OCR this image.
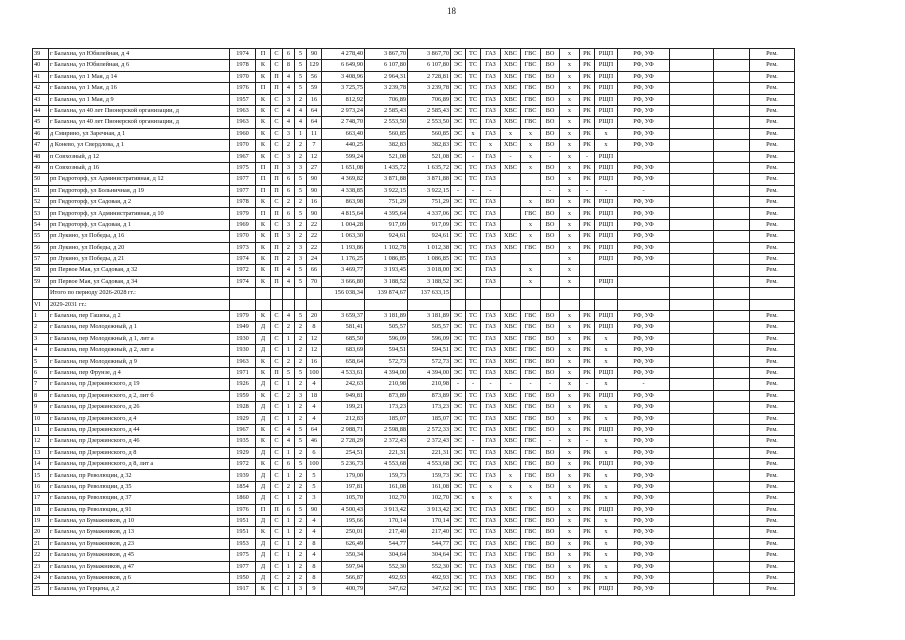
18
39	г Балахна, ул Юбилейная, д 4	1974	П	С	6	5	90	4 278,40	3 867,70	3 867,70	ЭС	ТС	ГАЗ	ХВС	ГВС	ВО	х	РК	РЩП	РФ, УФ			Рем.
40	г Балахна, ул Юбилейная, д 6	1978	К	С	8	5	129	6 649,90	6 107,80	6 107,80	ЭС	ТС	ГАЗ	ХВС	ГВС	ВО	х	РК	РЩП	РФ, УФ			Рем.
41	г Балахна, ул 1 Мая, д 14	1970	К	П	4	5	56	3 408,96	2 964,31	2 728,81	ЭС	ТС	ГАЗ	ХВС	ГВС	ВО	х	РК	РЩП	РФ, УФ			Рем.
42	г Балахна, ул 1 Мая, д 16	1976	П	П	4	5	59	3 725,75	3 239,78	3 239,78	ЭС	ТС	ГАЗ	ХВС	ГВС	ВО	х	РК	РЩП	РФ, УФ			Рем.
43	г Балахна, ул 1 Мая, д 9	1957	К	С	3	2	16	812,92	706,89	706,89	ЭС	ТС	ГАЗ	ХВС	ГВС	ВО	х	РК	РЩП	РФ, УФ			Рем.
44	г Балахна, ул 40 лет Пионерской организации, д	1963	К	С	4	4	64	2 973,24	2 585,43	2 585,43	ЭС	ТС	ГАЗ	ХВС	ГВС	ВО	х	РК	РЩП	РФ, УФ			Рем.
45	г Балахна, ул 40 лет Пионерской организации, д	1963	К	С	4	4	64	2 748,70	2 553,50	2 553,50	ЭС	ТС	ГАЗ	ХВС	ГВС	ВО	х	РК	РЩП	РФ, УФ			Рем.
46	д Смирино, ул Заречная, д 1	1960	К	С	3	1	11	663,40	560,85	560,85	ЭС	х	ГАЗ	х	х	ВО	х	РК	х	РФ, УФ			Рем.
47	д Конево, ул Свердлова, д 1	1970	К	С	2	2	7	440,25	382,83	382,83	ЭС	ТС	х	ХВС	х	ВО	х	РК	х	РФ, УФ			Рем.
48	п Совхозный, д 12	1967	К	С	3	2	12	599,24	521,08	521,08	ЭС	-	ГАЗ	-	х	-	х	-	РЩП				Рем.
49	п Совхозный, д 16	1975	П	П	3	3	27	1 651,08	1 435,72	1 635,72	ЭС	ТС	ГАЗ	ХВС	х	ВО	х	РК	РЩП	РФ, УФ			Рем.
50	рп Гидроторф, ул Административная, д 12	1977	П	П	6	5	90	4 369,82	3 871,88	3 871,88	ЭС	ТС	ГАЗ			ВО	х	РК	РЩП	РФ, УФ			Рем.
51	рп Гидроторф, ул Больничная, д 19	1977	П	П	6	5	90	4 338,85	3 922,15	3 922,15	-	-	-			-	х	-	-	-			Рем.
52	рп Гидроторф, ул Садовая, д 2	1978	К	С	2	2	16	863,98	751,29	751,29	ЭС	ТС	ГАЗ		х	ВО	х	РК	РЩП	РФ, УФ			Рем.
53	рп Гидроторф, ул Административная, д 10	1979	П	П	6	5	90	4 815,64	4 395,64	4 337,06	ЭС	ТС	ГАЗ		ГВС	ВО	х	РК	РЩП	РФ, УФ			Рем.
54	рп Гидроторф, ул Садовая, д 1	1969	К	С	3	2	22	1 004,28	917,09	917,09	ЭС	ТС	ГАЗ		х	ВО	х	РК	РЩП	РФ, УФ			Рем.
55	рп Лукино, ул Победы, д 16	1970	К	П	3	2	22	1 063,30	924,61	924,61	ЭС	ТС	ГАЗ	ХВС	х	ВО	х	РК	РЩП	РФ, УФ			Рем.
56	рп Лукино, ул Победы, д 20	1973	К	П	2	3	22	1 193,86	1 102,78	1 012,38	ЭС	ТС	ГАЗ	ХВС	ГВС	ВО	х	РК	РЩП	РФ, УФ			Рем.
57	рп Лукино, ул Победы, д 21	1974	К	П	2	3	24	1 176,25	1 086,85	1 086,85	ЭС	ТС	ГАЗ				х		РЩП	РФ, УФ			Рем.
58	рп Первое Мая, ул Садовая, д 32	1972	К	П	4	5	66	3 469,77	3 193,45	3 018,00	ЭС		ГАЗ		х		х						Рем.
59	рп Первое Мая, ул Садовая, д 34	1974	К	П	4	5	70	3 666,80	3 188,52	3 188,52	ЭС		ГАЗ		х		х		РЩП				Рем.
	Итого по периоду 2026-2028 гг.:							156 038,34	139 874,67	137 633,15													
VI	2029-2031 гг.:																						
1	г Балахна, пер Гашека, д 2	1979	К	С	4	5	20	3 659,37	3 181,89	3 181,89	ЭС	ТС	ГАЗ	ХВС	ГВС	ВО	х	РК	РЩП	РФ, УФ			Рем.
2	г Балахна, пер Молодежный, д 1	1949	Д	С	2	2	8	581,41	505,57	505,57	ЭС	ТС	ГАЗ	ХВС	ГВС	ВО	х	РК	РЩП	РФ, УФ			Рем.
3	г Балахна, пер Молодежный, д 1, лит а	1930	Д	С	1	2	12	685,50	596,09	596,09	ЭС	ТС	ГАЗ	ХВС	ГВС	ВО	х	РК	х	РФ, УФ			Рем.
4	г Балахна, пер Молодежный, д 2, лит а	1930	Д	С	1	2	12	683,69	594,51	594,51	ЭС	ТС	ГАЗ	ХВС	ГВС	ВО	х	РК	х	РФ, УФ			Рем.
5	г Балахна, пер Молодежный, д 9	1963	К	С	2	2	16	658,64	572,73	572,73	ЭС	ТС	ГАЗ	ХВС	ГВС	ВО	х	РК	х	РФ, УФ			Рем.
6	г Балахна, пер Фрунзе, д 4	1971	К	П	5	5	100	4 533,61	4 394,00	4 394,00	ЭС	ТС	ГАЗ	ХВС	ГВС	ВО	х	РК	РЩП	РФ, УФ			Рем.
7	г Балахна, пр Дзержинского, д 19	1926	Д	С	1	2	4	242,63	210,98	210,98	-	-	-	-	-	-	х	-	х	-			Рем.
8	г Балахна, пр Дзержинского, д 2, лит б	1959	К	С	2	3	18	949,81	873,89	873,89	ЭС	ТС	ГАЗ	ХВС	ГВС	ВО	х	РК	РЩП	РФ, УФ			Рем.
9	г Балахна, пр Дзержинского, д 26	1928	Д	С	1	2	4	199,21	173,23	173,23	ЭС	ТС	ГАЗ	ХВС	ГВС	ВО	х	РК	х	РФ, УФ			Рем.
10	г Балахна, пр Дзержинского, д 4	1929	Д	С	1	2	4	212,83	185,07	185,07	ЭС	ТС	ГАЗ	ХВС	ГВС	ВО	х	РК	х	РФ, УФ			Рем.
11	г Балахна, пр Дзержинского, д 44	1967	К	С	4	5	64	2 988,71	2 598,88	2 572,33	ЭС	ТС	ГАЗ	ХВС	ГВС	ВО	х	РК	РЩП	РФ, УФ			Рем.
12	г Балахна, пр Дзержинского, д 46	1935	К	С	4	5	46	2 728,29	2 372,43	2 372,43	ЭС	-	ГАЗ	ХВС	ГВС	-	х	-	х	РФ, УФ			Рем.
13	г Балахна, пр Дзержинского, д 8	1929	Д	С	1	2	6	254,51	221,31	221,31	ЭС	ТС	ГАЗ	ХВС	ГВС	ВО	х	РК	х	РФ, УФ			Рем.
14	г Балахна, пр Дзержинского, д 8, лит а	1972	К	С	6	5	100	5 236,73	4 553,68	4 553,68	ЭС	ТС	ГАЗ	ХВС	ГВС	ВО	х	РК	РЩП	РФ, УФ			Рем.
15	г Балахна, пр Революции, д 32	1939	Д	С	1	2	5	179,00	159,73	159,73	ЭС	ТС	ГАЗ	х	ГВС	ВО	х	РК	х	РФ, УФ			Рем.
16	г Балахна, пр Революции, д 35	1854	Д	С	2	2	5	197,81	161,08	161,08	ЭС	ТС	х	х	х	ВО	х	РК	х	РФ, УФ			Рем.
17	г Балахна, пр Революции, д 37	1860	Д	С	1	2	3	105,70	102,70	102,70	ЭС	х	х	х	х	х	х	РК	х	РФ, УФ			Рем.
18	г Балахна, пр Революции, д 91	1976	П	П	6	5	90	4 500,43	3 913,42	3 913,42	ЭС	ТС	ГАЗ	ХВС	ГВС	ВО	х	РК	РЩП	РФ, УФ			Рем.
19	г Балахна, ул Бумажников, д 10	1951	Д	С	1	2	4	195,66	170,14	170,14	ЭС	ТС	ГАЗ	ХВС	ГВС	ВО	х	РК	х	РФ, УФ			Рем.
20	г Балахна, ул Бумажников, д 13	1951	К	С	1	2	4	250,01	217,40	217,40	ЭС	ТС	ГАЗ	ХВС	ГВС	ВО	х	РК	х	РФ, УФ			Рем.
21	г Балахна, ул Бумажников, д 23	1953	Д	С	1	2	8	626,49	544,77	544,77	ЭС	ТС	ГАЗ	ХВС	ГВС	ВО	х	РК	х	РФ, УФ			Рем.
22	г Балахна, ул Бумажников, д 45	1975	Д	С	1	2	4	350,34	304,64	304,64	ЭС	ТС	ГАЗ	ХВС	ГВС	ВО	х	РК	х	РФ, УФ			Рем.
23	г Балахна, ул Бумажников, д 47	1977	Д	С	1	2	8	597,94	552,30	552,30	ЭС	ТС	ГАЗ	ХВС	ГВС	ВО	х	РК	х	РФ, УФ			Рем.
24	г Балахна, ул Бумажников, д 6	1950	Д	С	2	2	8	566,87	492,93	492,93	ЭС	ТС	ГАЗ	ХВС	ГВС	ВО	х	РК	х	РФ, УФ			Рем.
25	г Балахна, ул Герцена, д 2	1917	К	С	1	3	9	400,79	347,62	347,62	ЭС	ТС	ГАЗ	ХВС	ГВС	ВО	х	РК	РЩП	РФ, УФ			Рем.
